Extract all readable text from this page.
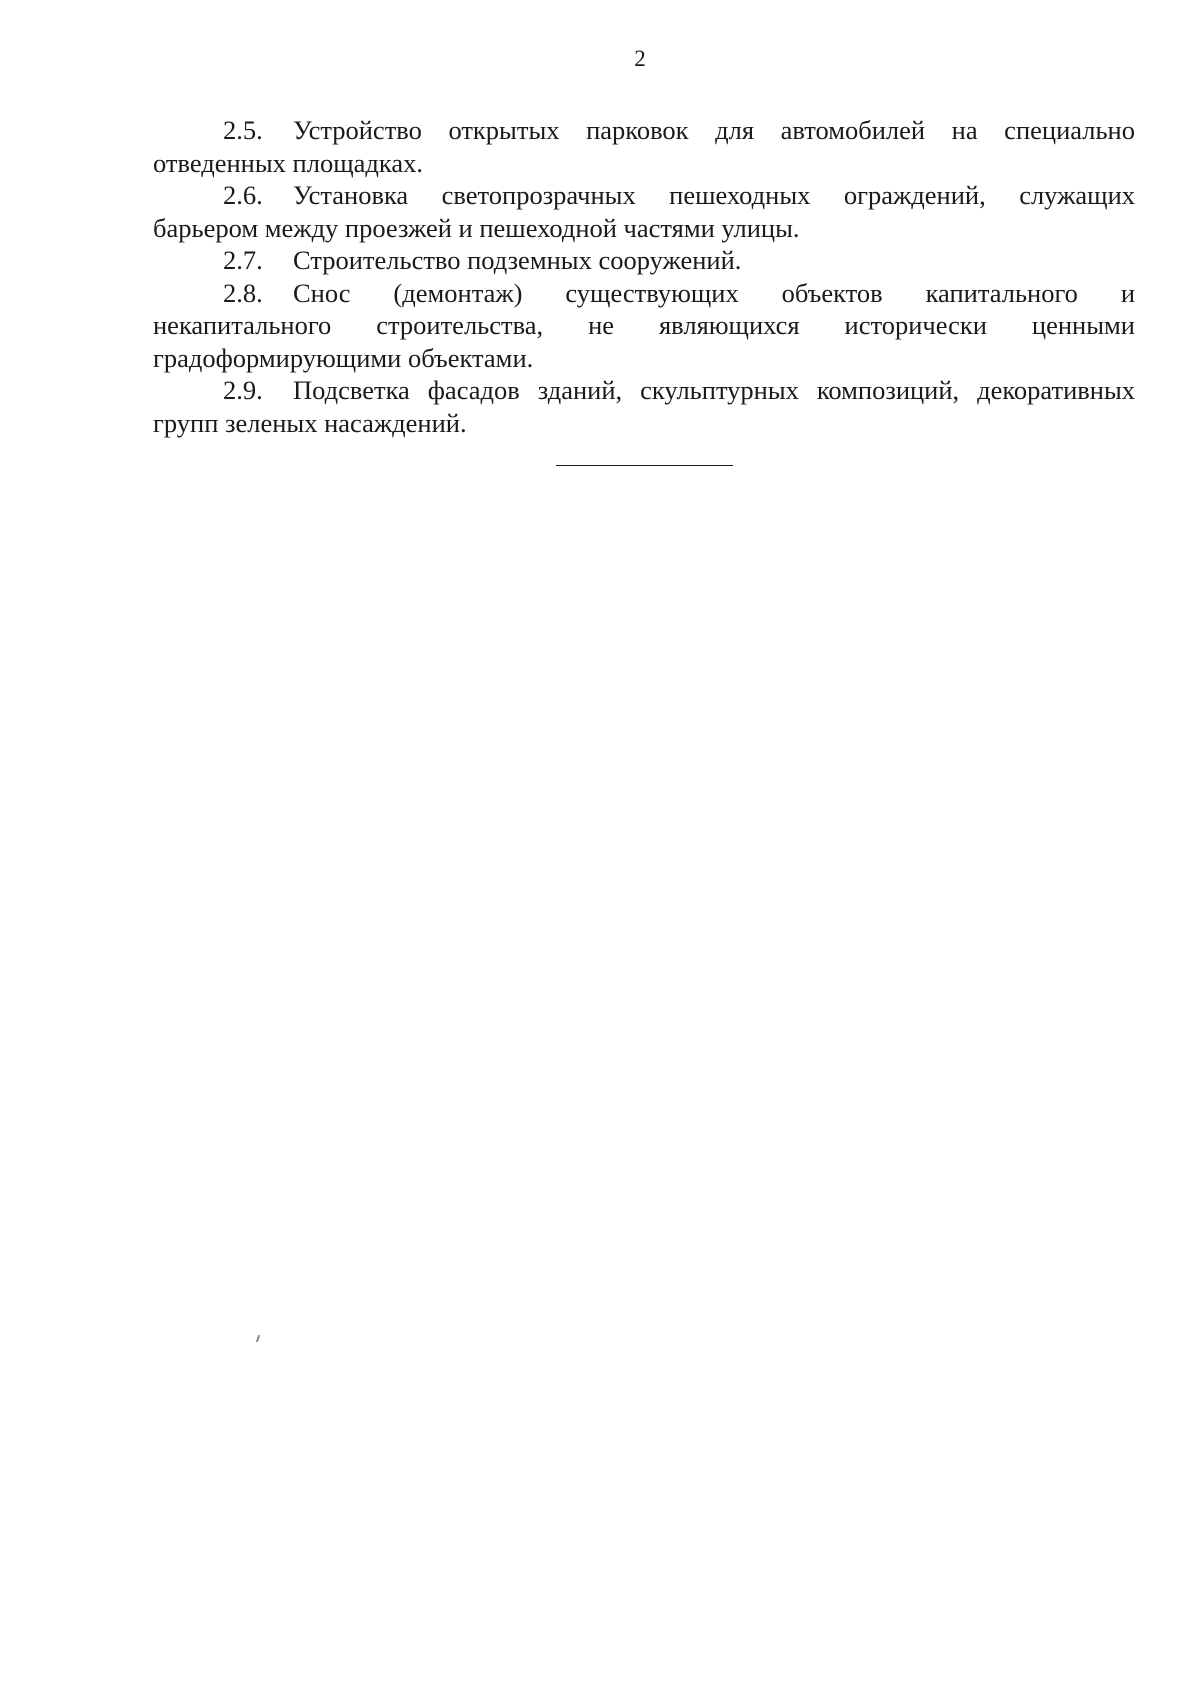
2

2.5. Устройство открытых парковок для автомобилей на специально отведенных площадках.

2.6. Установка светопрозрачных пешеходных ограждений, служащих барьером между проезжей и пешеходной частями улицы.

2.7. Строительство подземных сооружений.

2.8. Снос (демонтаж) существующих объектов капитального и некапитального строительства, не являющихся исторически ценными градоформирующими объектами.

2.9. Подсветка фасадов зданий, скульптурных композиций, декоративных групп зеленых насаждений.
